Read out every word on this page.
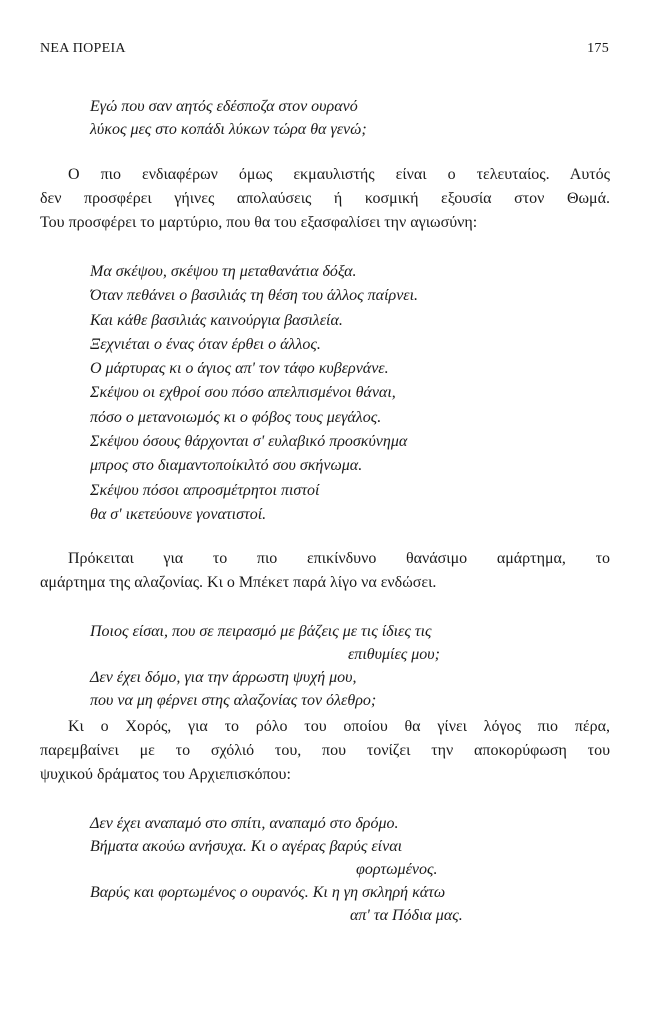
ΝΕΑ ΠΟΡΕΙΑ	175
Εγώ που σαν αητός εδέσποζα στον ουρανό
λύκος μες στο κοπάδι λύκων τώρα θα γενώ;
Ο πιο ενδιαφέρων όμως εκμαυλιστής είναι ο τελευταίος. Αυτός
δεν προσφέρει γήινες απολαύσεις ή κοσμική εξουσία στον Θωμά.
Του προσφέρει το μαρτύριο, που θα του εξασφαλίσει την αγιωσύνη:
Μα σκέψου, σκέψου τη μεταθανάτια δόξα.
Όταν πεθάνει ο βασιλιάς τη θέση του άλλος παίρνει.
Και κάθε βασιλιάς καινούργια βασιλεία.
Ξεχνιέται ο ένας όταν έρθει ο άλλος.
Ο μάρτυρας κι ο άγιος απ' τον τάφο κυβερνάνε.
Σκέψου οι εχθροί σου πόσο απελπισμένοι θάναι,
πόσο ο μετανοιωμός κι ο φόβος τους μεγάλος.
Σκέψου όσους θάρχονται σ' ευλαβικό προσκύνημα
μπρος στο διαμαντοποίκιλτό σου σκήνωμα.
Σκέψου πόσοι απροσμέτρητοι πιστοί
θα σ' ικετεύουνε γονατιστοί.
Πρόκειται για το πιο επικίνδυνο θανάσιμο αμάρτημα, το
αμάρτημα της αλαζονίας. Κι ο Μπέκετ παρά λίγο να ενδώσει.
Ποιος είσαι, που σε πειρασμό με βάζεις με τις ίδιες τις
επιθυμίες μου;
Δεν έχει δόμο, για την άρρωστη ψυχή μου,
που να μη φέρνει στης αλαζονίας τον όλεθρο;
Κι ο Χορός, για το ρόλο του οποίου θα γίνει λόγος πιο πέρα,
παρεμβαίνει με το σχόλιό του, που τονίζει την αποκορύφωση του
ψυχικού δράματος του Αρχιεπισκόπου:
Δεν έχει αναπαμό στο σπίτι, αναπαμό στο δρόμο.
Βήματα ακούω ανήσυχα. Κι ο αγέρας βαρύς είναι
φορτωμένος.
Βαρύς και φορτωμένος ο ουρανός. Κι η γη σκληρή κάτω
απ' τα Πόδια μας.
